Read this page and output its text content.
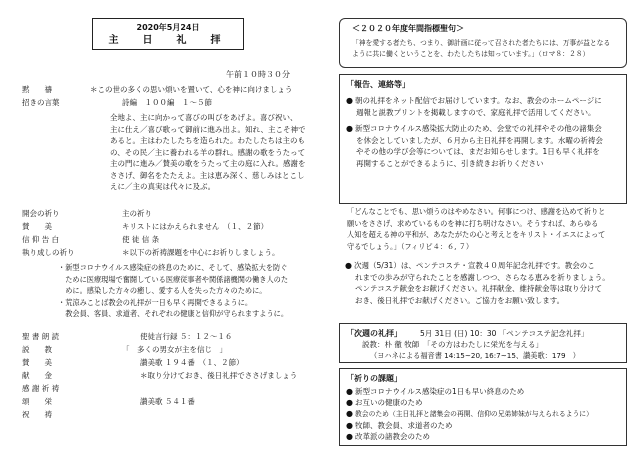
2020年5月24日
主　日　礼　拝
午前１０時３０分
黙　　禱	＊この世の多くの思い煩いを置いて、心を神に向けましょう
招きの言葉	詩編　１００編　１〜５節
全地よ、主に向かって喜びの叫びをあげよ。喜び祝い、
主に仕え／喜び歌って御前に進み出よ。知れ、主こそ神で
あると。主はわたしたちを造られた。わたしたちは主のも
の、その民／主に養われる羊の群れ。感謝の歌をうたって
主の門に進み／賛美の歌をうたって主の庭に入れ。感謝を
ささげ、御名をたたえよ。主は恵み深く、慈しみはとこし
えに／主の真実は代々に及ぶ。
開会の祈り	主の祈り
賛　　美	キリストにはかえられません　（１、２節）
信 仰 告 白	使 徒 信 条
執り成しの祈り	＊以下の祈祷課題を中心にお祈りしましょう。
・新型コロナウイルス感染症の終息のために、そして、感染拡大を防ぐ
　ために医療現場で奮闘している医療従事者や関係諸機関の働き人のた
　めに。感染した方々の癒し、愛する人を失った方々のために。
・荒涼みことば教会の礼拝が一日も早く再開できるように。
　教会員、客員、求道者、それぞれの健康と信仰が守られますように。
聖 書 朗 読	使徒言行録 ５：１２〜１６
説　　教	「　多くの男女が主を信じ　」
賛　　美	讃美歌 １９４番　（１、２節）
献　　金	＊取り分けておき、後日礼拝でささげましょう
感 謝 祈 祷
頌　　栄	讃美歌 ５４１番
祝　　祷
＜２０２０年度年間指標聖句＞
「神を愛する者たち、つまり、御計画に従って召された者たちには、万事が益となる
ように共に働くということを、わたしたちは知っています。」（ロマ８：２８）
「報告、連絡等」
● 朝の礼拝をネット配信でお届けしています。なお、教会のホームページに
週報と説教プリントを掲載しますので、家庭礼拝で活用してください。
● 新型コロナウイルス感染拡大防止のため、会堂での礼拝やその他の諸集会
を休会としていましたが、６月から主日礼拝を再開します。水曜の祈祷会
やその他の学び会等については、まだお知らせします。1日も早く礼拝を
再開することができるように、引き続きお祈りください
「どんなことでも、思い煩うのはやめなさい。何事につけ、感謝を込めて祈りと
願いをささげ、求めているものを神に打ち明けなさい。そうすれば、あらゆる
人知を超える神の平和が、あなたがたの心と考えとをキリスト・イエスによって
守るでしょう。」（フィリピ４：６, ７）
● 次週（5/31）は、ペンテコステ・宣教４０周年記念礼拝です。教会のこ
れまでの歩みが守られたことを感謝しつつ、さらなる恵みを祈りましょう。
ペンテコステ献金をお献げください。礼拝献金、維持献金等は取り分けて
おき、後日礼拝でお献げください。ご協力をお願い致します。
「次週の礼拝」 5月 31日 (日) 10：30 「ペンテコステ記念礼拝」
説教：朴 徹 牧師　「その方はわたしに栄光を与える」
（ヨハネによる福音書 14:15~20, 16:7~15、讃美歌：179　）
「祈りの課題」
● 新型コロナウイルス感染症の1日も早い終息のため
● お互いの健康のため
● 教会のため（主日礼拝と諸集会の再開、信仰の兄弟姉妹が与えられるように）
● 牧師、教会員、求道者のため
● 改革派の諸教会のため
